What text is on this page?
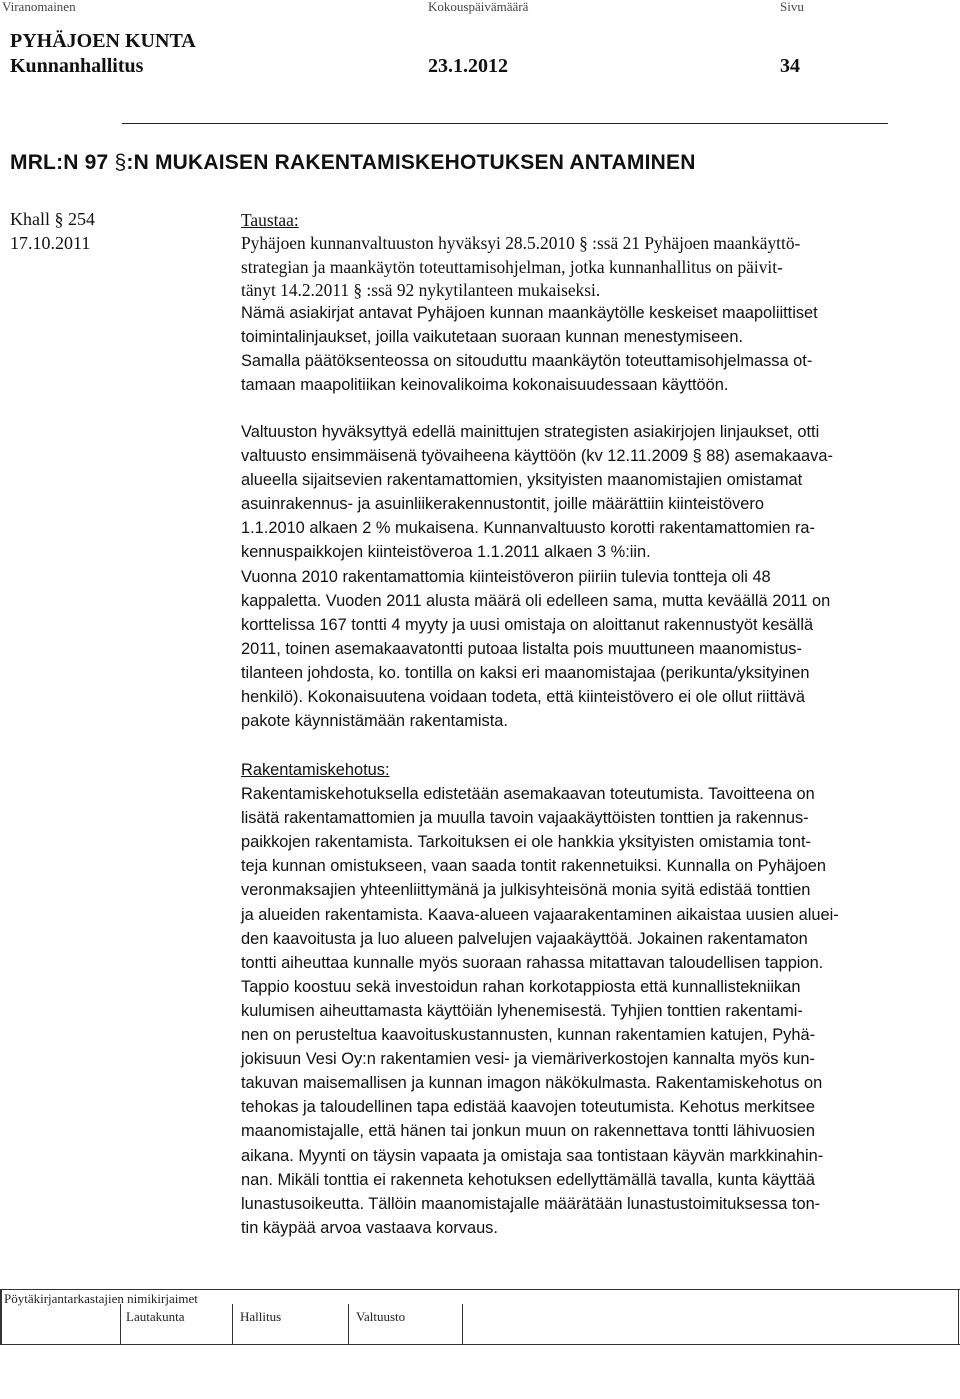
Viranomainen	Kokouspäivämäärä	Sivu
PYHÄJOEN KUNTA
Kunnanhallitus	23.1.2012	34
MRL:N 97 §:N MUKAISEN RAKENTAMISKEHOTUKSEN ANTAMINEN
Khall § 254
17.10.2011
Taustaa:
Pyhäjoen kunnanvaltuuston hyväksyi 28.5.2010 § :ssä 21 Pyhäjoen maankäyttö-
strategian ja maankäytön toteuttamisohjelman, jotka kunnanhallitus on päivit-
tänyt 14.2.2011 § :ssä 92 nykytilanteen mukaiseksi.
Nämä asiakirjat antavat Pyhäjoen kunnan maankäytölle keskeiset maapoliittiset
toimintalinjaukset, joilla vaikutetaan suoraan kunnan menestymiseen.
Samalla päätöksenteossa on sitouduttu maankäytön toteuttamisohjelmassa ot-
tamaan maapolitiikan keinovalikoima kokonaisuudessaan käyttöön.
Valtuuston hyväksyttyä edellä mainittujen strategisten asiakirjojen linjaukset, otti
valtuusto ensimmäisenä työvaiheena käyttöön (kv 12.11.2009 § 88) asemakaava-
alueella sijaitsevien rakentamattomien, yksityisten maanomistajien omistamat
asuinrakennus- ja asuinliikerakennustontit, joille määrättiin kiinteistövero
1.1.2010 alkaen 2 % mukaisena. Kunnanvaltuusto korotti rakentamattomien ra-
kennuspaikkojen kiinteistöveroa 1.1.2011 alkaen 3 %:iin.
Vuonna 2010 rakentamattomia kiinteistöveron piiriin tulevia tontteja oli 48
kappaletta. Vuoden 2011 alusta määrä oli edelleen sama, mutta keväällä 2011 on
korttelissa 167 tontti 4 myyty ja uusi omistaja on aloittanut rakennustyöt kesällä
2011, toinen asemakaavatontti putoaa listalta pois muuttuneen maanomistus-
tilanteen johdosta, ko. tontilla on kaksi eri maanomistajaa (perikunta/yksityinen
henkilö). Kokonaisuutena voidaan todeta, että kiinteistövero ei ole ollut riittävä
pakote käynnistämään rakentamista.
Rakentamiskehotus:
Rakentamiskehotuksella edistetään asemakaavan toteutumista. Tavoitteena on
lisätä rakentamattomien ja muulla tavoin vajaakäyttöisten tonttien ja rakennus-
paikkojen rakentamista. Tarkoituksen ei ole hankkia yksityisten omistamia tont-
teja kunnan omistukseen, vaan saada tontit rakennetuiksi. Kunnalla on Pyhäjoen
veronmaksajien yhteenliittymänä ja julkisyhteisönä monia syitä edistää tonttien
ja alueiden rakentamista. Kaava-alueen vajaarakentaminen aikaistaa uusien aluei-
den kaavoitusta ja luo alueen palvelujen vajaakäyttöä. Jokainen rakentamaton
tontti aiheuttaa kunnalle myös suoraan rahassa mitattavan taloudellisen tappion.
Tappio koostuu sekä investoidun rahan korkotappiosta että kunnallistekniikan
kulumisen aiheuttamasta käyttöiän lyhenemisestä. Tyhjien tonttien rakentami-
nen on perusteltua kaavoituskustannusten, kunnan rakentamien katujen, Pyhä-
jokisuun Vesi Oy:n rakentamien vesi- ja viemäriverkostojen kannalta myös kun-
takuvan maisemallisen ja kunnan imagon näkökulmasta. Rakentamiskehotus on
tehokas ja taloudellinen tapa edistää kaavojen toteutumista. Kehotus merkitsee
maanomistajalle, että hänen tai jonkun muun on rakennettava tontti lähivuosien
aikana. Myynti on täysin vapaata ja omistaja saa tontistaan käyvän markkinahin-
nan. Mikäli tonttia ei rakenneta kehotuksen edellyttämällä tavalla, kunta käyttää
lunastusoikeutta. Tällöin maanomistajalle määrätään lunastustoimituksessa ton-
tin käypää arvoa vastaava korvaus.
Pöytäkirjantarkastajien nimikirjaimet
Lautakunta	Hallitus	Valtuusto
